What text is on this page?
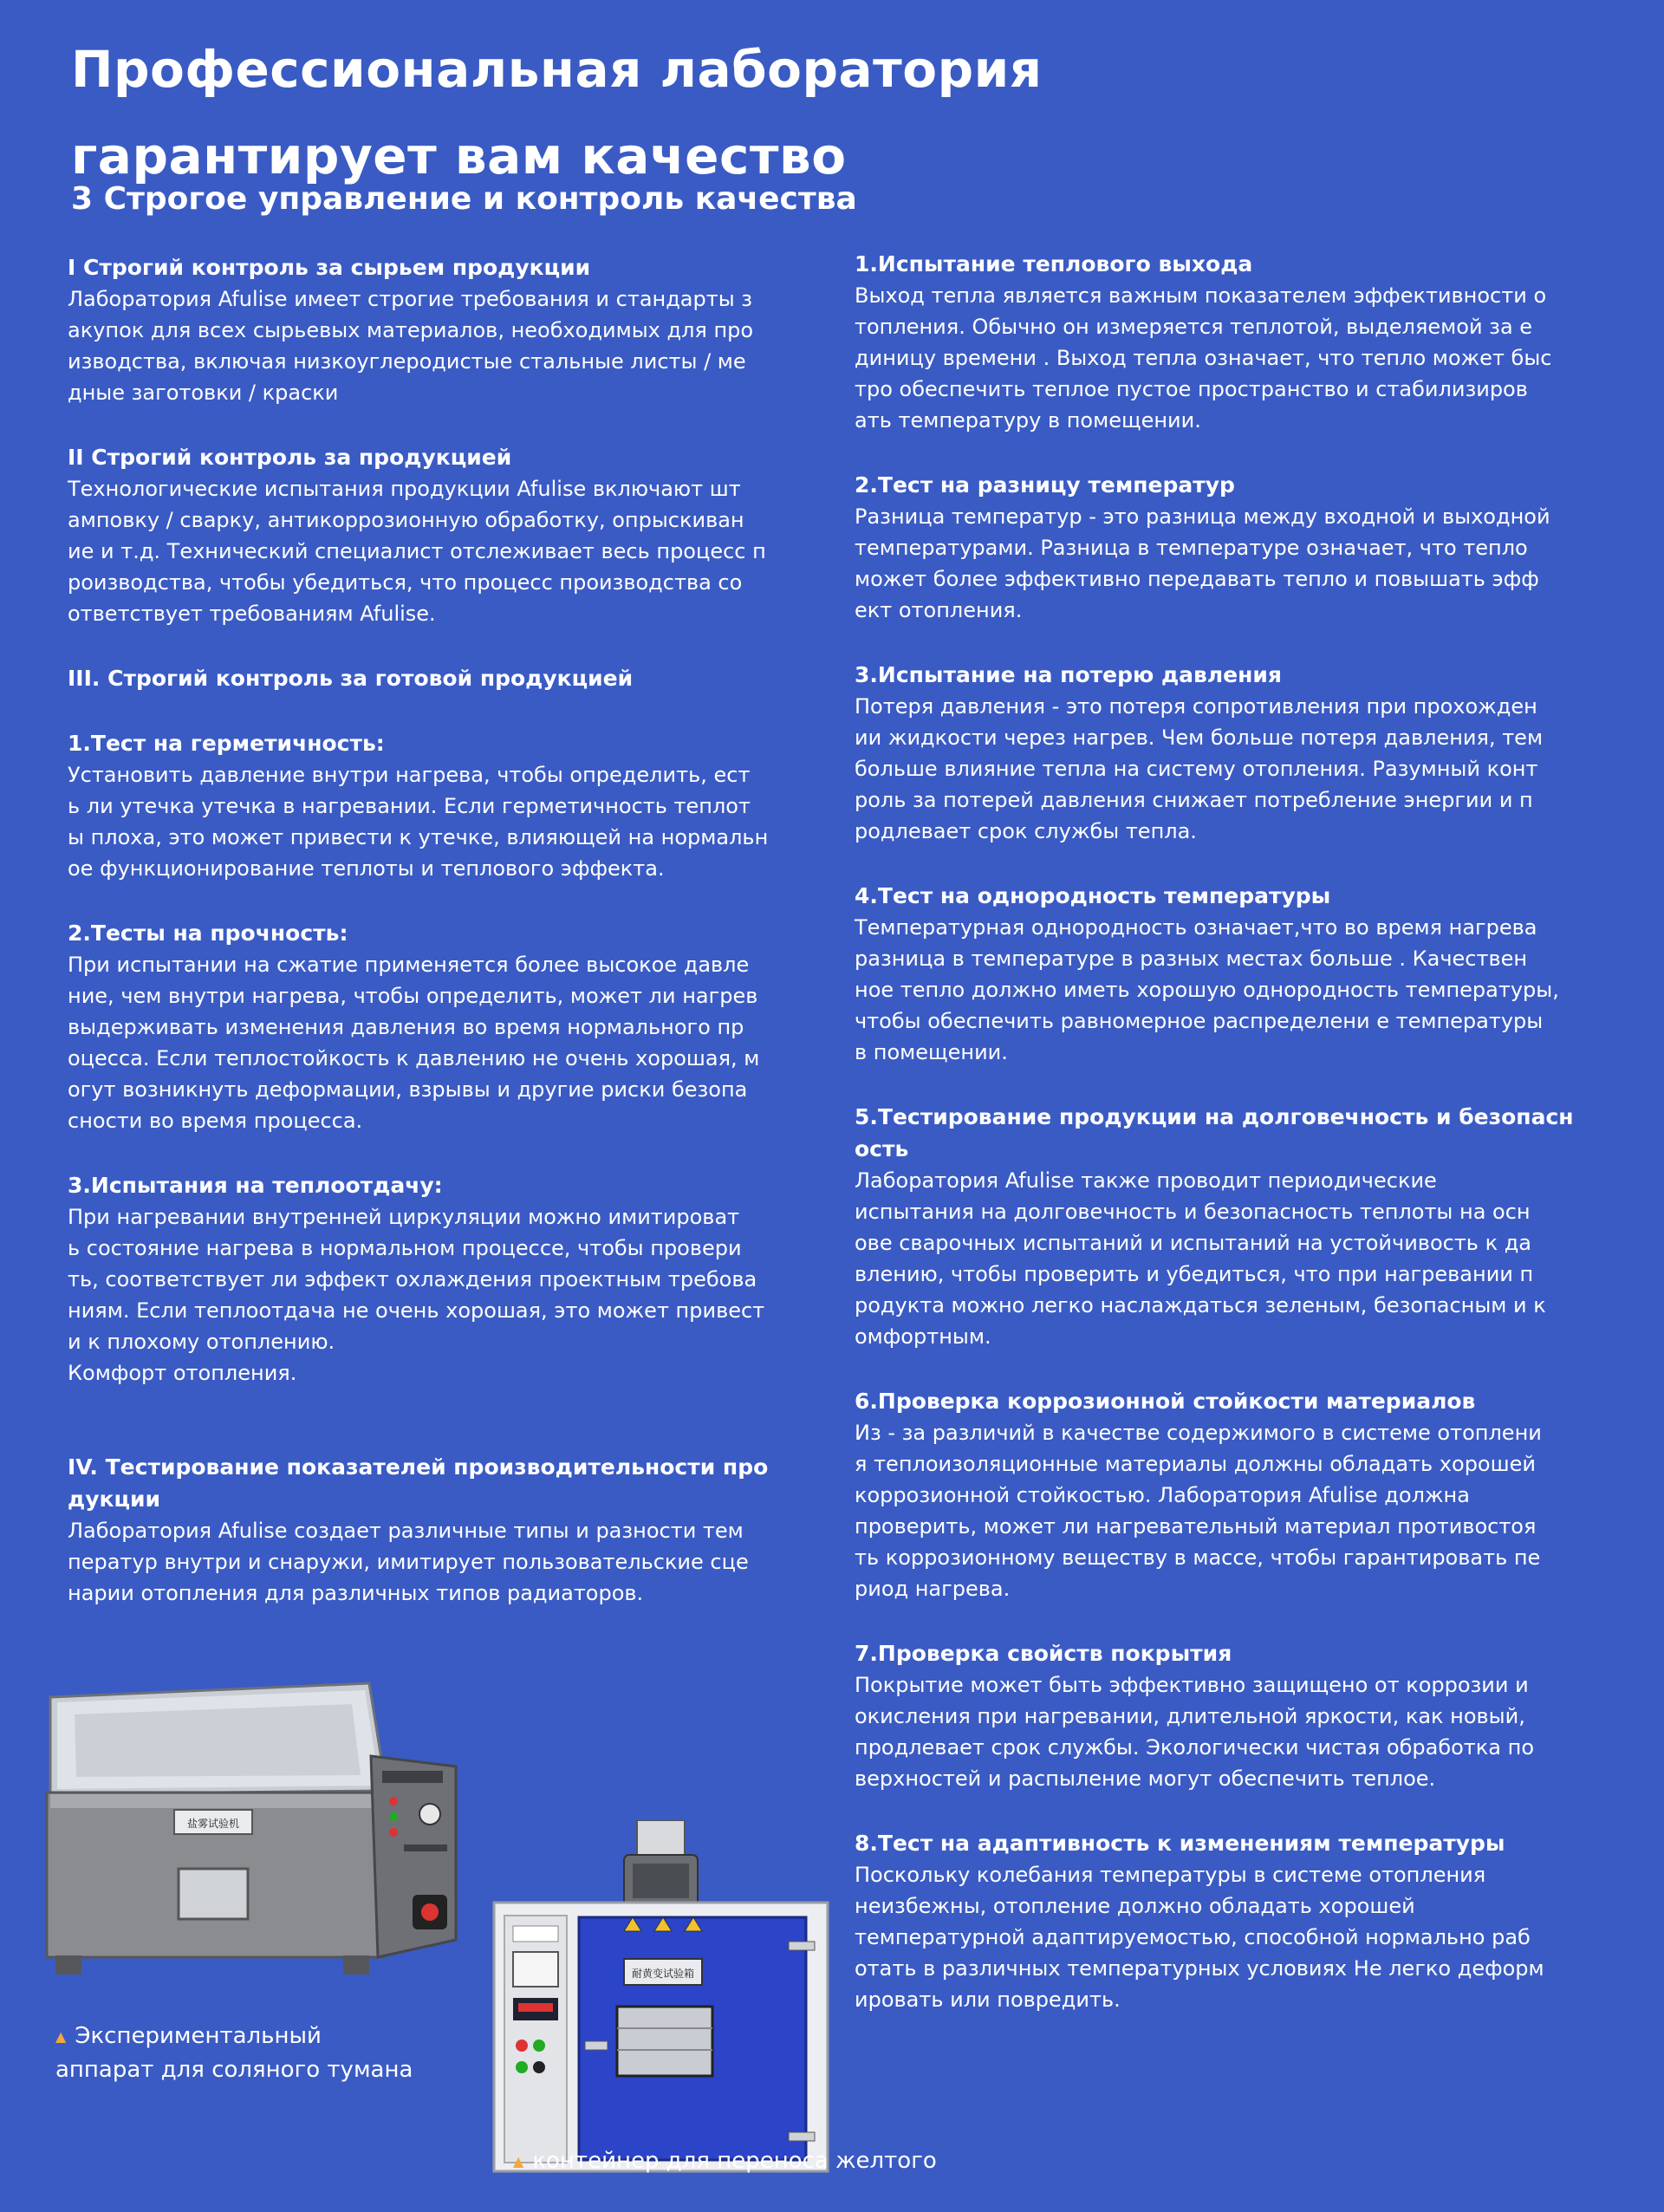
Профессиональная лаборатория
гарантирует вам качество
3 Строгое управление и контроль качества
I Строгий контроль за сырьем продукции

Лаборатория Afulise имеет строгие требования и стандарты з
акупок для всех сырьевых материалов, необходимых для про
изводства, включая низкоуглеродистые стальные листы / ме
дные заготовки / краски

II Строгий контроль за продукцией

Технологические испытания продукции Afulise включают шт
амповку / сварку, антикоррозионную обработку, опрыскиван
ие и т.д. Технический специалист отслеживает весь процесс п
роизводства, чтобы убедиться, что процесс производства со
ответствует требованиям Afulise.

III. Строгий контроль за готовой продукцией
1.Тест на герметичность:

Установить давление внутри нагрева, чтобы определить, ест
ь ли утечка утечка в нагревании. Если герметичность теплот
ы плоха, это может привести к утечке, влияющей на нормальн
ое функционирование теплоты и теплового эффекта.

2.Тесты на прочность:

При испытании на сжатие применяется более высокое давле
ние, чем внутри нагрева, чтобы определить, может ли нагрев
выдерживать изменения давления во время нормального пр
оцесса. Если теплостойкость к давлению не очень хорошая, м
огут возникнуть деформации, взрывы и другие риски безопа
сности во время процесса.

3.Испытания на теплоотдачу:

При нагревании внутренней циркуляции можно имитироват
ь состояние нагрева в нормальном процессе, чтобы провери
ть, соответствует ли эффект охлаждения проектным требова
ниям. Если теплоотдача не очень хорошая, это может привест
и к плохому отоплению.
Комфорт отопления.

IV. Тестирование показателей производительности про
дукции

Лаборатория Afulise создает различные типы и разности тем
ператур внутри и снаружи, имитирует пользовательские сце
нарии отопления для различных типов радиаторов.

1.Испытание теплового выхода

Выход тепла является важным показателем эффективности о
топления. Обычно он измеряется теплотой, выделяемой за е
диницу времени . Выход тепла означает, что тепло может быс
тро обеспечить теплое пустое пространство и стабилизиров
ать температуру в помещении.

2.Тест на разницу температур

Разница температур - это разница между входной и выходной
температурами. Разница в температуре означает, что тепло
может более эффективно передавать тепло и повышать эфф
ект отопления.

3.Испытание на потерю давления

Потеря давления - это потеря сопротивления при прохожден
ии жидкости через нагрев. Чем больше потеря давления, тем
больше влияние тепла на систему отопления. Разумный конт
роль за потерей давления снижает потребление энергии и п
родлевает срок службы тепла.

4.Тест на однородность температуры

Температурная однородность означает,что во время нагрева
разница в температуре в разных местах больше . Качествен
ное тепло должно иметь хорошую однородность температуры,
чтобы обеспечить равномерное распределени е температуры
в помещении.

5.Тестирование продукции на долговечность и безопасн
ость

Лаборатория Afulise также проводит периодические
испытания на долговечность и безопасность теплоты на осн
ове сварочных испытаний и испытаний на устойчивость к да
влению, чтобы проверить и убедиться, что при нагревании п
родукта можно легко наслаждаться зеленым, безопасным и к
омфортным.

6.Проверка коррозионной стойкости материалов

Из - за различий в качестве содержимого в системе отоплени
я теплоизоляционные материалы должны обладать хорошей
коррозионной стойкостью. Лаборатория Afulise должна
проверить, может ли нагревательный материал противостоя
ть коррозионному веществу в массе, чтобы гарантировать пе
риод нагрева.

7.Проверка свойств покрытия

Покрытие может быть эффективно защищено от коррозии и
окисления при нагревании, длительной яркости, как новый,
продлевает срок службы. Экологически чистая обработка по
верхностей и распыление могут обеспечить теплое.

8.Тест на адаптивность к изменениям температуры

Поскольку колебания температуры в системе отопления
неизбежны, отопление должно обладать хорошей
температурной адаптируемостью, способной нормально раб
отать в различных температурных условиях Не легко деформ
ировать или повредить.

盐雾试验机
▲ Экспериментальный
аппарат для соляного тумана
耐黄变试验箱
▲ контейнер для переноса желтого
